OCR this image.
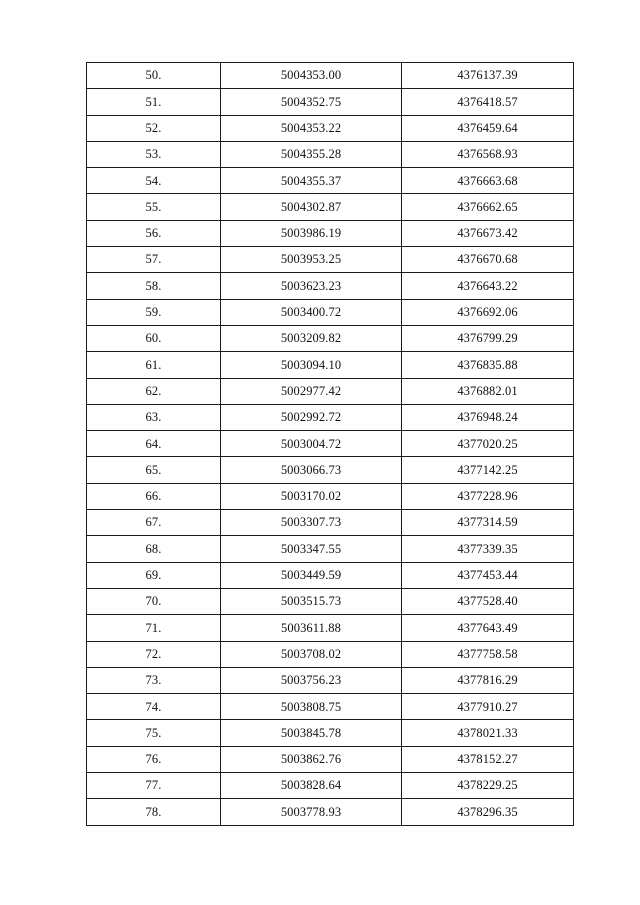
50.	5004353.00	4376137.39
51.	5004352.75	4376418.57
52.	5004353.22	4376459.64
53.	5004355.28	4376568.93
54.	5004355.37	4376663.68
55.	5004302.87	4376662.65
56.	5003986.19	4376673.42
57.	5003953.25	4376670.68
58.	5003623.23	4376643.22
59.	5003400.72	4376692.06
60.	5003209.82	4376799.29
61.	5003094.10	4376835.88
62.	5002977.42	4376882.01
63.	5002992.72	4376948.24
64.	5003004.72	4377020.25
65.	5003066.73	4377142.25
66.	5003170.02	4377228.96
67.	5003307.73	4377314.59
68.	5003347.55	4377339.35
69.	5003449.59	4377453.44
70.	5003515.73	4377528.40
71.	5003611.88	4377643.49
72.	5003708.02	4377758.58
73.	5003756.23	4377816.29
74.	5003808.75	4377910.27
75.	5003845.78	4378021.33
76.	5003862.76	4378152.27
77.	5003828.64	4378229.25
78.	5003778.93	4378296.35
